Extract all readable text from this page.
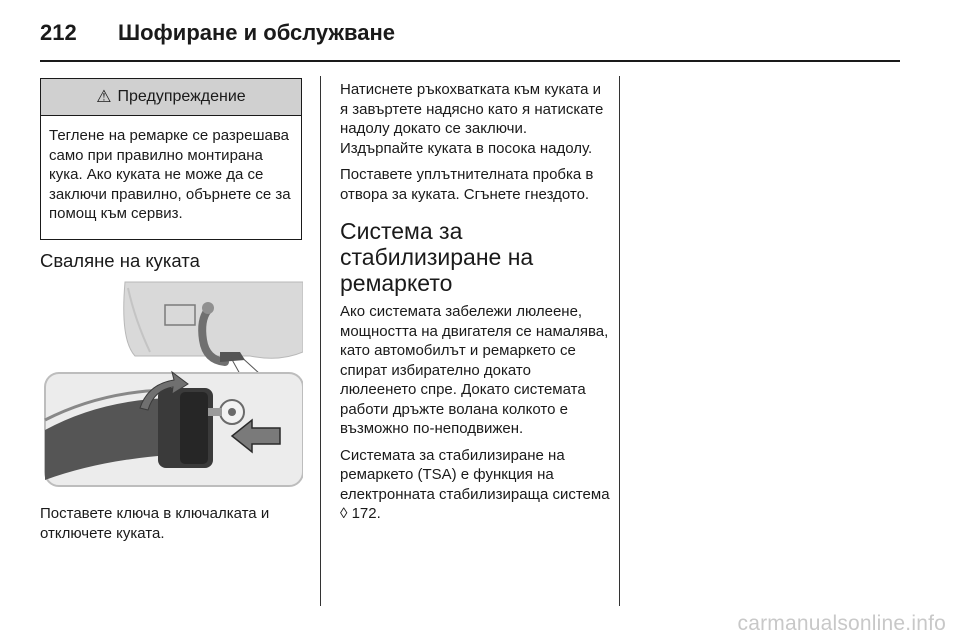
212 Шофиране и обслужване
⚠ Предупреждение
Теглене на ремарке се разрешава само при правилно монтирана кука. Ако куката не може да се заключи правилно, обърнете се за помощ към сервиз.
Сваляне на куката
Поставете ключа в ключалката и отключете куката.

Натиснете ръкохватката към куката и я завъртете надясно като я натискате надолу докато се заключи. Издърпайте куката в посока надолу.

Поставете уплътнителната пробка в отвора за куката. Сгънете гнездото.

Система за стабилизиране на ремаркето

Ако системата забележи люлеене, мощността на двигателя се намалява, като автомобилът и ремаркето се спират избирателно докато люлеенето спре. Докато системата работи дръжте волана колкото е възможно по-неподвижен.

Системата за стабилизиране на ремаркето (TSA) е функция на електронната стабилизираща система ◊ 172.

carmanualsonline.info
